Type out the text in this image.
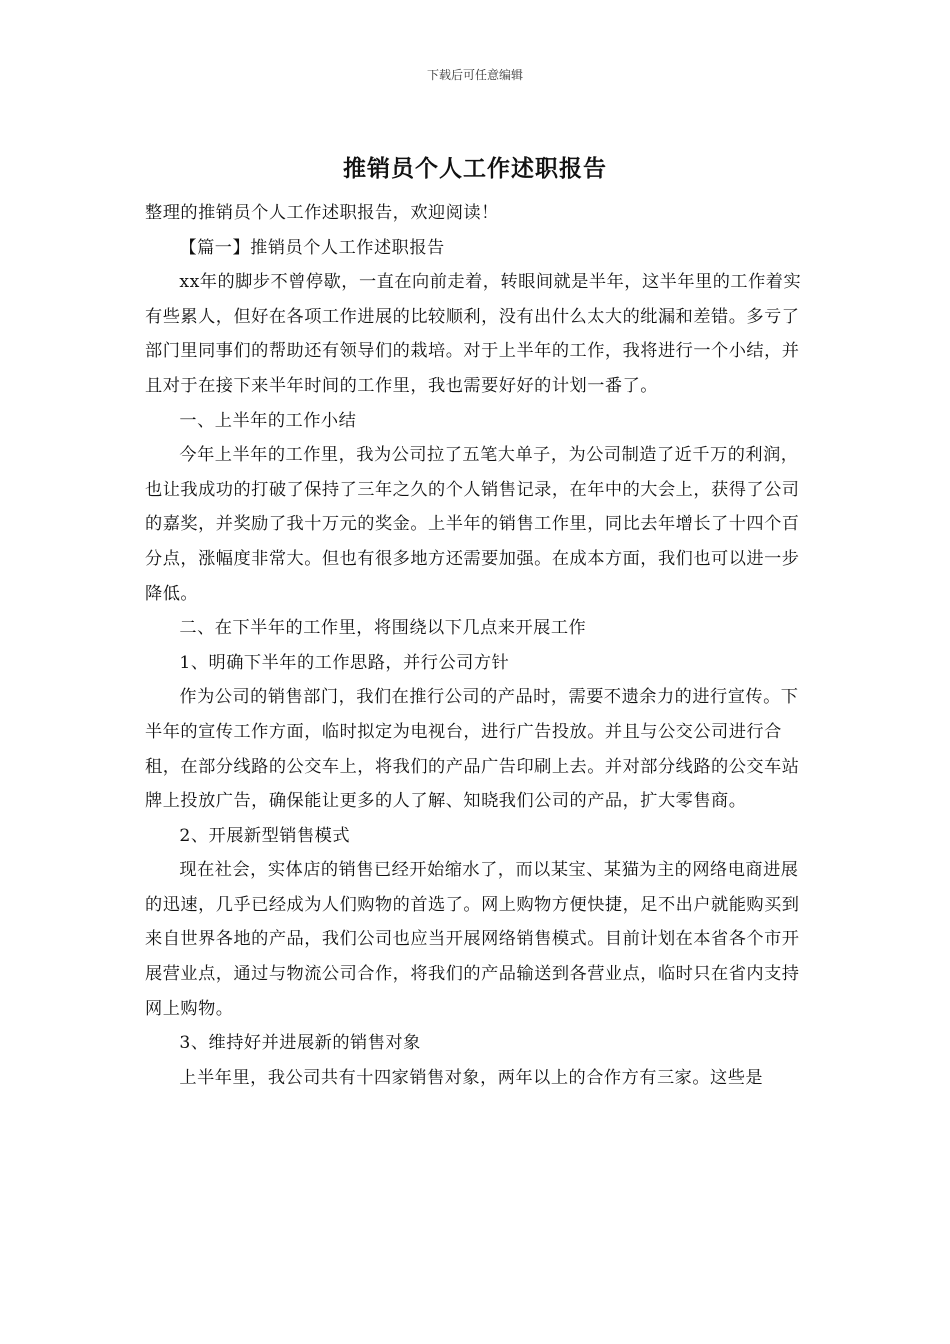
下载后可任意编辑
推销员个人工作述职报告

整理的推销员个人工作述职报告，欢迎阅读！

【篇一】推销员个人工作述职报告

xx年的脚步不曾停歇，一直在向前走着，转眼间就是半年，这半年里的工作着实有些累人，但好在各项工作进展的比较顺利，没有出什么太大的纰漏和差错。多亏了部门里同事们的帮助还有领导们的栽培。对于上半年的工作，我将进行一个小结，并且对于在接下来半年时间的工作里，我也需要好好的计划一番了。

一、上半年的工作小结

今年上半年的工作里，我为公司拉了五笔大单子，为公司制造了近千万的利润，也让我成功的打破了保持了三年之久的个人销售记录，在年中的大会上，获得了公司的嘉奖，并奖励了我十万元的奖金。上半年的销售工作里，同比去年增长了十四个百分点，涨幅度非常大。但也有很多地方还需要加强。在成本方面，我们也可以进一步降低。

二、在下半年的工作里，将围绕以下几点来开展工作

1、明确下半年的工作思路，并行公司方针

作为公司的销售部门，我们在推行公司的产品时，需要不遗余力的进行宣传。下半年的宣传工作方面，临时拟定为电视台，进行广告投放。并且与公交公司进行合租，在部分线路的公交车上，将我们的产品广告印刷上去。并对部分线路的公交车站牌上投放广告，确保能让更多的人了解、知晓我们公司的产品，扩大零售商。

2、开展新型销售模式

现在社会，实体店的销售已经开始缩水了，而以某宝、某猫为主的网络电商进展的迅速，几乎已经成为人们购物的首选了。网上购物方便快捷，足不出户就能购买到来自世界各地的产品，我们公司也应当开展网络销售模式。目前计划在本省各个市开展营业点，通过与物流公司合作，将我们的产品输送到各营业点，临时只在省内支持网上购物。

3、维持好并进展新的销售对象

上半年里，我公司共有十四家销售对象，两年以上的合作方有三家。这些是
